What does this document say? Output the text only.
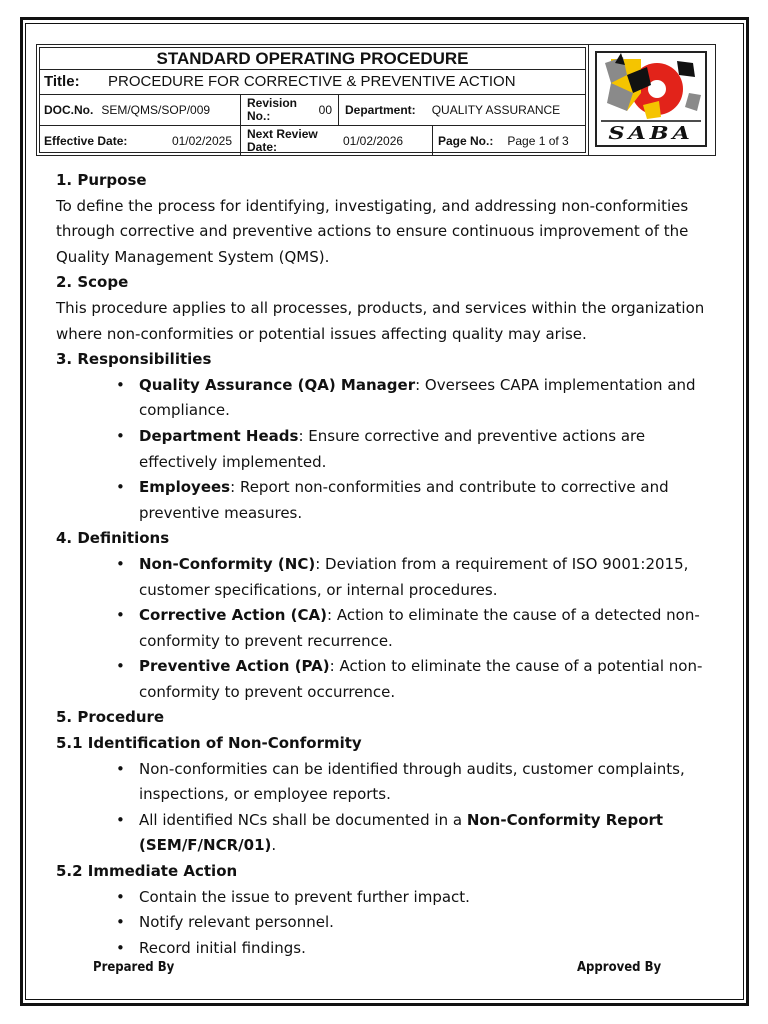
STANDARD OPERATING PROCEDURE
Title: PROCEDURE FOR CORRECTIVE & PREVENTIVE ACTION
DOC.No. SEM/QMS/SOP/009	Revision No.:	00 Department: QUALITY ASSURANCE
Effective Date:	01/02/2025 Next Review Date:	01/02/2026	Page No.: Page 1 of 3	SABA
1. Purpose

To define the process for identifying, investigating, and addressing non-conformities through corrective and preventive actions to ensure continuous improvement of the Quality Management System (QMS).

2. Scope

This procedure applies to all processes, products, and services within the organization where non-conformities or potential issues affecting quality may arise.

3. Responsibilities
• Quality Assurance (QA) Manager: Oversees CAPA implementation and compliance.
• Department Heads: Ensure corrective and preventive actions are effectively implemented.
• Employees: Report non-conformities and contribute to corrective and preventive measures.
4. Definitions
• Non-Conformity (NC): Deviation from a requirement of ISO 9001:2015, customer specifications, or internal procedures.
• Corrective Action (CA): Action to eliminate the cause of a detected non-conformity to prevent recurrence.
• Preventive Action (PA): Action to eliminate the cause of a potential non-conformity to prevent occurrence.
5. Procedure
5.1 Identification of Non-Conformity
• Non-conformities can be identified through audits, customer complaints, inspections, or employee reports.
• All identified NCs shall be documented in a Non-Conformity Report (SEM/F/NCR/01).
5.2 Immediate Action
• Contain the issue to prevent further impact.
• Notify relevant personnel.
• Record initial findings.
Prepared By	Approved By
